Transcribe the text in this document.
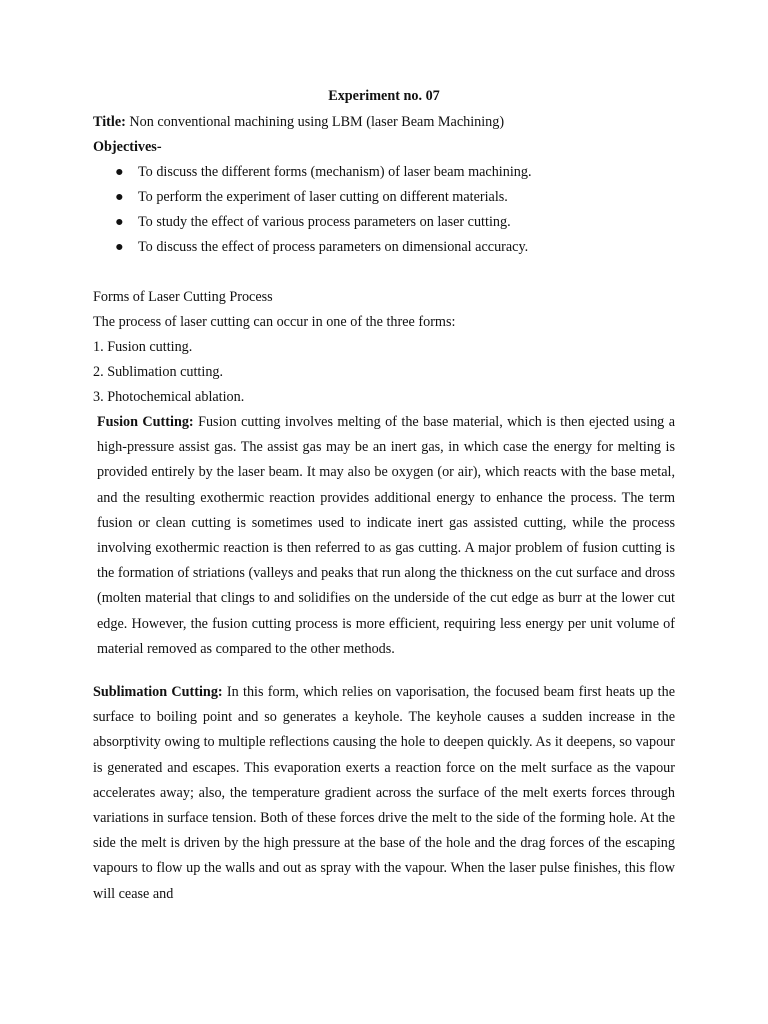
Experiment no. 07

Title: Non conventional machining using LBM (laser Beam Machining)

Objectives-

● To discuss the different forms (mechanism) of laser beam machining.
● To perform the experiment of laser cutting on different materials.
● To study the effect of various process parameters on laser cutting.
● To discuss the effect of process parameters on dimensional accuracy.

Forms of Laser Cutting Process

The process of laser cutting can occur in one of the three forms:

1. Fusion cutting.

2. Sublimation cutting.

3. Photochemical ablation.

Fusion Cutting: Fusion cutting involves melting of the base material, which is then ejected using a high-pressure assist gas. The assist gas may be an inert gas, in which case the energy for melting is provided entirely by the laser beam. It may also be oxygen (or air), which reacts with the base metal, and the resulting exothermic reaction provides additional energy to enhance the process. The term fusion or clean cutting is sometimes used to indicate inert gas assisted cutting, while the process involving exothermic reaction is then referred to as gas cutting. A major problem of fusion cutting is the formation of striations (valleys and peaks that run along the thickness on the cut surface and dross (molten material that clings to and solidifies on the underside of the cut edge as burr at the lower cut edge. However, the fusion cutting process is more efficient, requiring less energy per unit volume of material removed as compared to the other methods.

Sublimation Cutting: In this form, which relies on vaporisation, the focused beam first heats up the surface to boiling point and so generates a keyhole. The keyhole causes a sudden increase in the absorptivity owing to multiple reflections causing the hole to deepen quickly. As it deepens, so vapour is generated and escapes. This evaporation exerts a reaction force on the melt surface as the vapour accelerates away; also, the temperature gradient across the surface of the melt exerts forces through variations in surface tension. Both of these forces drive the melt to the side of the forming hole. At the side the melt is driven by the high pressure at the base of the hole and the drag forces of the escaping vapours to flow up the walls and out as spray with the vapour. When the laser pulse finishes, this flow will cease and
